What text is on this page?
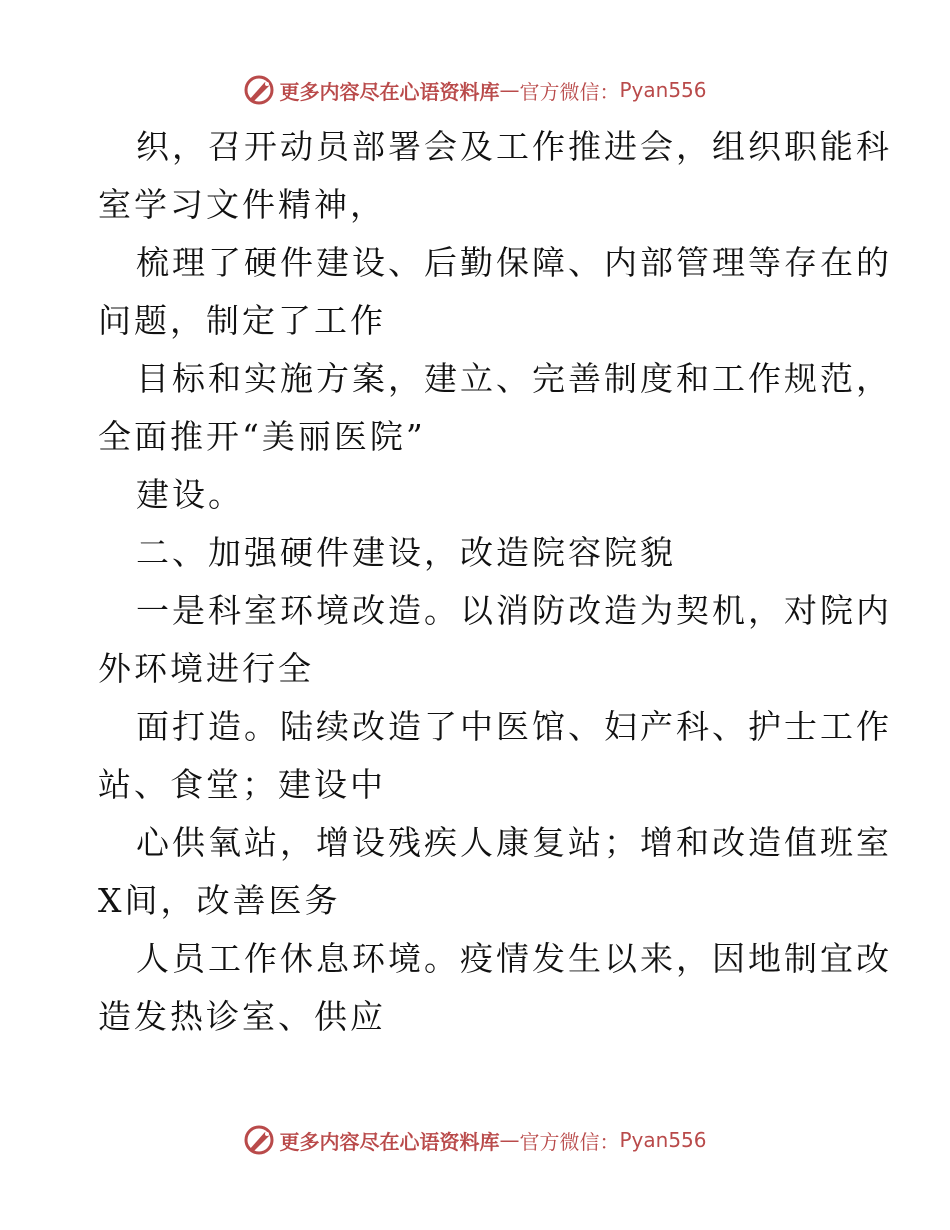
更多内容尽在心语资料库 — 官方微信： Pyan556
织，召开动员部署会及工作推进会，组织职能科
室学习文件精神，
梳理了硬件建设、后勤保障、内部管理等存在的
问题，制定了工作
目标和实施方案，建立、完善制度和工作规范，
全面推开“美丽医院”
建设。
二、加强硬件建设，改造院容院貌
一是科室环境改造。以消防改造为契机，对院内
外环境进行全
面打造。陆续改造了中医馆、妇产科、护士工作
站、食堂；建设中
心供氧站，增设残疾人康复站；增和改造值班室
X间，改善医务
人员工作休息环境。疫情发生以来，因地制宜改
造发热诊室、供应
更多内容尽在心语资料库 — 官方微信： Pyan556
